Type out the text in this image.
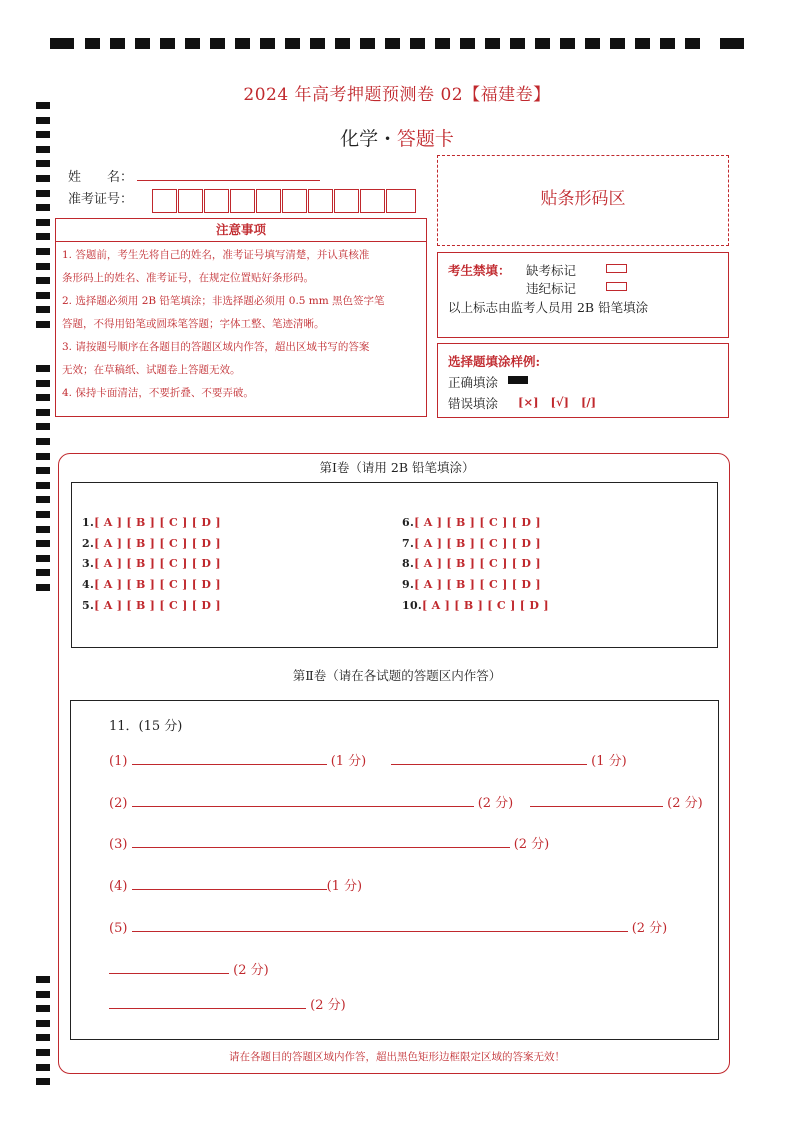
2024 年高考押题预测卷 02【福建卷】
化学 · 答题卡
姓　　名：
准考证号：
注意事项
1. 答题前，考生先将自己的姓名，准考证号填写清楚，并认真核准
条形码上的姓名、准考证号，在规定位置贴好条形码。
2. 选择题必须用 2B 铅笔填涂；非选择题必须用 0.5 mm 黑色签字笔
答题，不得用铅笔或圆珠笔答题；字体工整、笔迹清晰。
3. 请按题号顺序在各题目的答题区域内作答，超出区域书写的答案
无效；在草稿纸、试题卷上答题无效。
4. 保持卡面清洁，不要折叠、不要弄破。
贴条形码区
考生禁填： 缺考标记
违纪标记
以上标志由监考人员用 2B 铅笔填涂
选择题填涂样例:
正确填涂
错误填涂 [×]   [√]   [/]
第Ⅰ卷（请用 2B 铅笔填涂）
1.[ A ] [ B ] [ C ] [ D ]
2.[ A ] [ B ] [ C ] [ D ]
3.[ A ] [ B ] [ C ] [ D ]
4.[ A ] [ B ] [ C ] [ D ]
5.[ A ] [ B ] [ C ] [ D ]
6.[ A ] [ B ] [ C ] [ D ]
7.[ A ] [ B ] [ C ] [ D ]
8.[ A ] [ B ] [ C ] [ D ]
9.[ A ] [ B ] [ C ] [ D ]
10.[ A ] [ B ] [ C ] [ D ]
第Ⅱ卷（请在各试题的答题区内作答）
11．(15 分)
(1)	(1 分)	(1 分)
(2)	(2 分)	(2 分)
(3)	(2 分)
(4)	(1 分)
(5)	(2 分)
(2 分)
(2 分)
请在各题目的答题区域内作答，超出黑色矩形边框限定区域的答案无效！
